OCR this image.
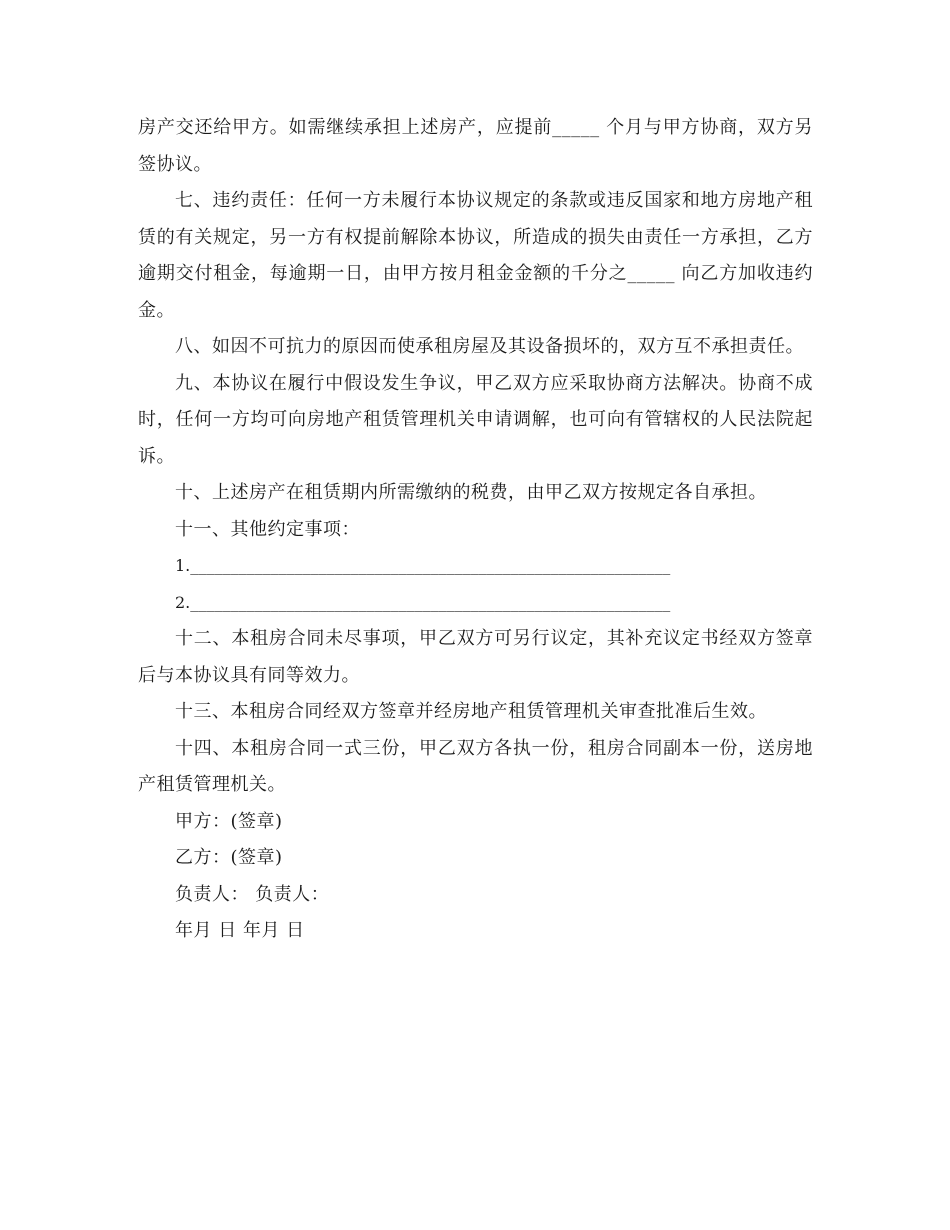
房产交还给甲方。如需继续承担上述房产，应提前_____ 个月与甲方协商，双方另签协议。

七、违约责任：任何一方未履行本协议规定的条款或违反国家和地方房地产租赁的有关规定，另一方有权提前解除本协议，所造成的损失由责任一方承担，乙方逾期交付租金，每逾期一日，由甲方按月租金金额的千分之_____ 向乙方加收违约金。

八、如因不可抗力的原因而使承租房屋及其设备损坏的，双方互不承担责任。

九、本协议在履行中假设发生争议，甲乙双方应采取协商方法解决。协商不成时，任何一方均可向房地产租赁管理机关申请调解，也可向有管辖权的人民法院起诉。

十、上述房产在租赁期内所需缴纳的税费，由甲乙双方按规定各自承担。

十一、其他约定事项：

1.____________________________________________________________

2.____________________________________________________________

十二、本租房合同未尽事项，甲乙双方可另行议定，其补充议定书经双方签章后与本协议具有同等效力。

十三、本租房合同经双方签章并经房地产租赁管理机关审查批准后生效。

十四、本租房合同一式三份，甲乙双方各执一份，租房合同副本一份，送房地产租赁管理机关。

甲方：(签章)

乙方：(签章)

负责人： 负责人：

年月 日 年月 日
